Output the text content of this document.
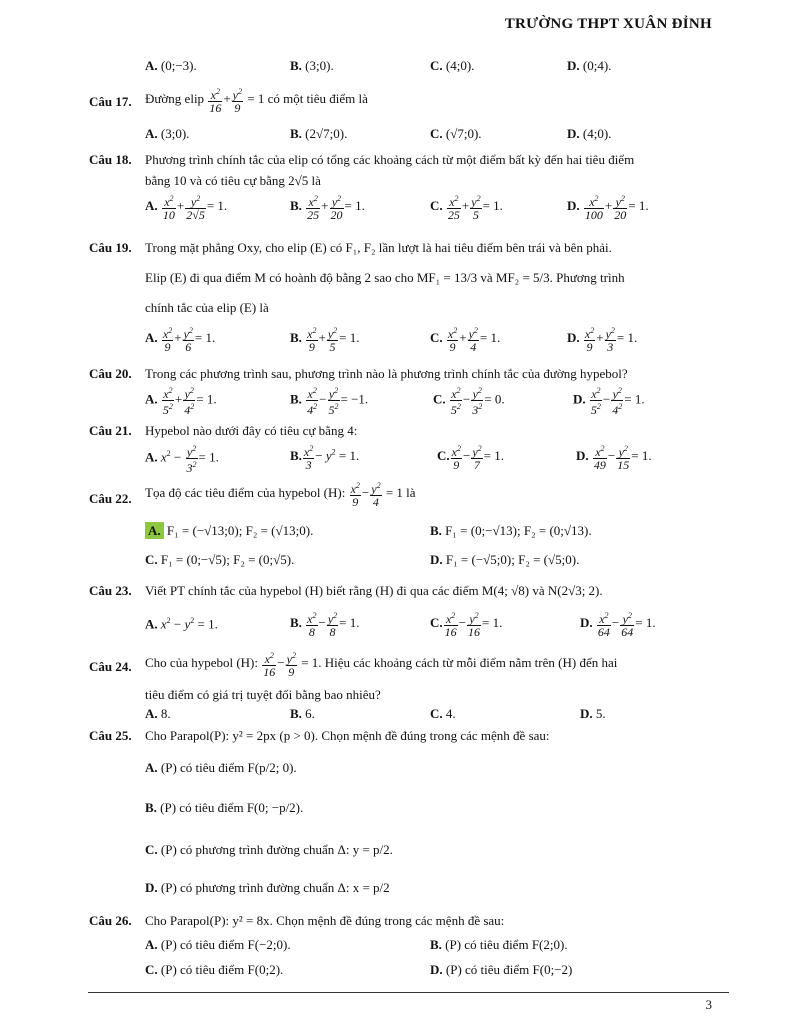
TRƯỜNG THPT XUÂN ĐỈNH
A. (0;−3).	B. (3;0).	C. (4;0).	D. (0;4).
Câu 17. Đường elip $\frac{x^2}{16} + \frac{y^2}{9} = 1$ có một tiêu điểm là
A. (3;0).	B. (2√7;0).	C. (√7;0).	D. (4;0).
Câu 18. Phương trình chính tắc của elip có tổng các khoảng cách từ một điểm bất kỳ đến hai tiêu điểm
bằng 10 và có tiêu cự bằng 2√5 là
A. $\frac{x^2}{10} + \frac{y^2}{2√5} = 1$.	B. $\frac{x^2}{25} + \frac{y^2}{20} = 1$.	C. $\frac{x^2}{25} + \frac{y^2}{5} = 1$.	D. $\frac{x^2}{100} + \frac{y^2}{20} = 1$.
Câu 19. Trong mặt phẳng Oxy, cho elip (E) có F₁, F₂ lần lượt là hai tiêu điểm bên trái và bên phải.
Elip (E) đi qua điểm M có hoành độ bằng 2 sao cho MF₁ = 13/3 và MF₂ = 5/3. Phương trình
chính tắc của elip (E) là
A. $\frac{x^2}{9} + \frac{y^2}{6} = 1$.	B. $\frac{x^2}{9} + \frac{y^2}{5} = 1$.	C. $\frac{x^2}{9} + \frac{y^2}{4} = 1$.	D. $\frac{x^2}{9} + \frac{y^2}{3} = 1$.
Câu 20. Trong các phương trình sau, phương trình nào là phương trình chính tắc của đường hypebol?
A. $\frac{x^2}{5^2} + \frac{y^2}{4^2} = 1$.	B. $\frac{x^2}{4^2} - \frac{y^2}{5^2} = -1$.	C. $\frac{x^2}{5^2} - \frac{y^2}{3^2} = 0$.	D. $\frac{x^2}{5^2} - \frac{y^2}{4^2} = 1$.
Câu 21. Hypebol nào dưới đây có tiêu cự bằng 4:
A. $x^2 - \frac{y^2}{3^2} = 1$.	B. $\frac{x^2}{3} - y^2 = 1$.	C. $\frac{x^2}{9} - \frac{y^2}{7} = 1$.	D. $\frac{x^2}{49} - \frac{y^2}{15} = 1$.
Câu 22. Tọa độ các tiêu điểm của hypebol (H): $\frac{x^2}{9} - \frac{y^2}{4} = 1$ là
A. F₁ = (−√13;0); F₂ = (√13;0).	B. F₁ = (0;−√13); F₂ = (0;√13).
C. F₁ = (0;−√5); F₂ = (0;√5).	D. F₁ = (−√5;0); F₂ = (√5;0).
Câu 23. Viết PT chính tắc của hypebol (H) biết rằng (H) đi qua các điểm M(4; √8) và N(2√3; 2).
A. $x^2 - y^2 = 1$.	B. $\frac{x^2}{8} - \frac{y^2}{8} = 1$.	C. $\frac{x^2}{16} - \frac{y^2}{16} = 1$.	D. $\frac{x^2}{64} - \frac{y^2}{64} = 1$.
Câu 24. Cho của hypebol (H): $\frac{x^2}{16} - \frac{y^2}{9} = 1$. Hiệu các khoảng cách từ mỗi điểm nằm trên (H) đến hai
tiêu điểm có giá trị tuyệt đối bằng bao nhiêu?
A. 8.	B. 6.	C. 4.	D. 5.
Câu 25. Cho Parapol(P): y² = 2px (p > 0). Chọn mệnh đề đúng trong các mệnh đề sau:
A. (P) có tiêu điểm F(p/2; 0).
B. (P) có tiêu điểm F(0; −p/2).
C. (P) có phương trình đường chuẩn Δ: y = p/2.
D. (P) có phương trình đường chuẩn Δ: x = p/2
Câu 26. Cho Parapol(P): y² = 8x. Chọn mệnh đề đúng trong các mệnh đề sau:
A. (P) có tiêu điểm F(−2;0).	B. (P) có tiêu điểm F(2;0).
C. (P) có tiêu điểm F(0;2).	D. (P) có tiêu điểm F(0;−2)
3
